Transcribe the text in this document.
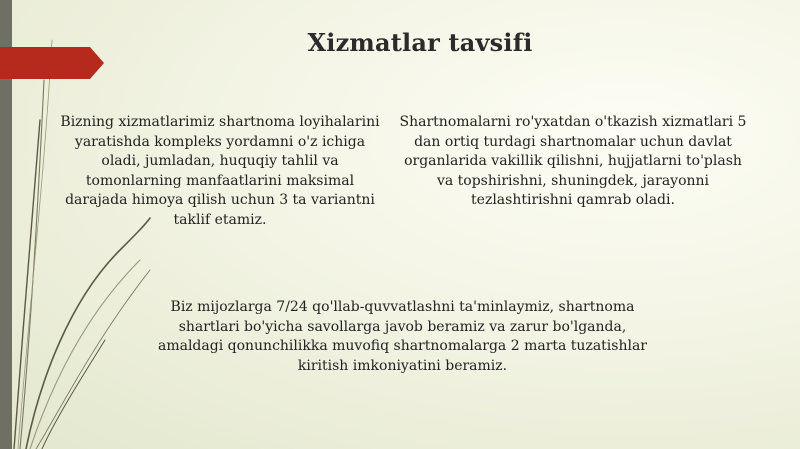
Xizmatlar tavsifi
Bizning xizmatlarimiz shartnoma loyihalarini yaratishda kompleks yordamni o'z ichiga oladi, jumladan, huquqiy tahlil va tomonlarning manfaatlarini maksimal darajada himoya qilish uchun 3 ta variantni taklif etamiz.
Shartnomalarni ro'yxatdan o'tkazish xizmatlari 5 dan ortiq turdagi shartnomalar uchun davlat organlarida vakillik qilishni, hujjatlarni to'plash va topshirishni, shuningdek, jarayonni tezlashtirishni qamrab oladi.
Biz mijozlarga 7/24 qo'llab-quvvatlashni ta'minlaymiz, shartnoma shartlari bo'yicha savollarga javob beramiz va zarur bo'lganda, amaldagi qonunchilikka muvofiq shartnomalarga 2 marta tuzatishlar kiritish imkoniyatini beramiz.
